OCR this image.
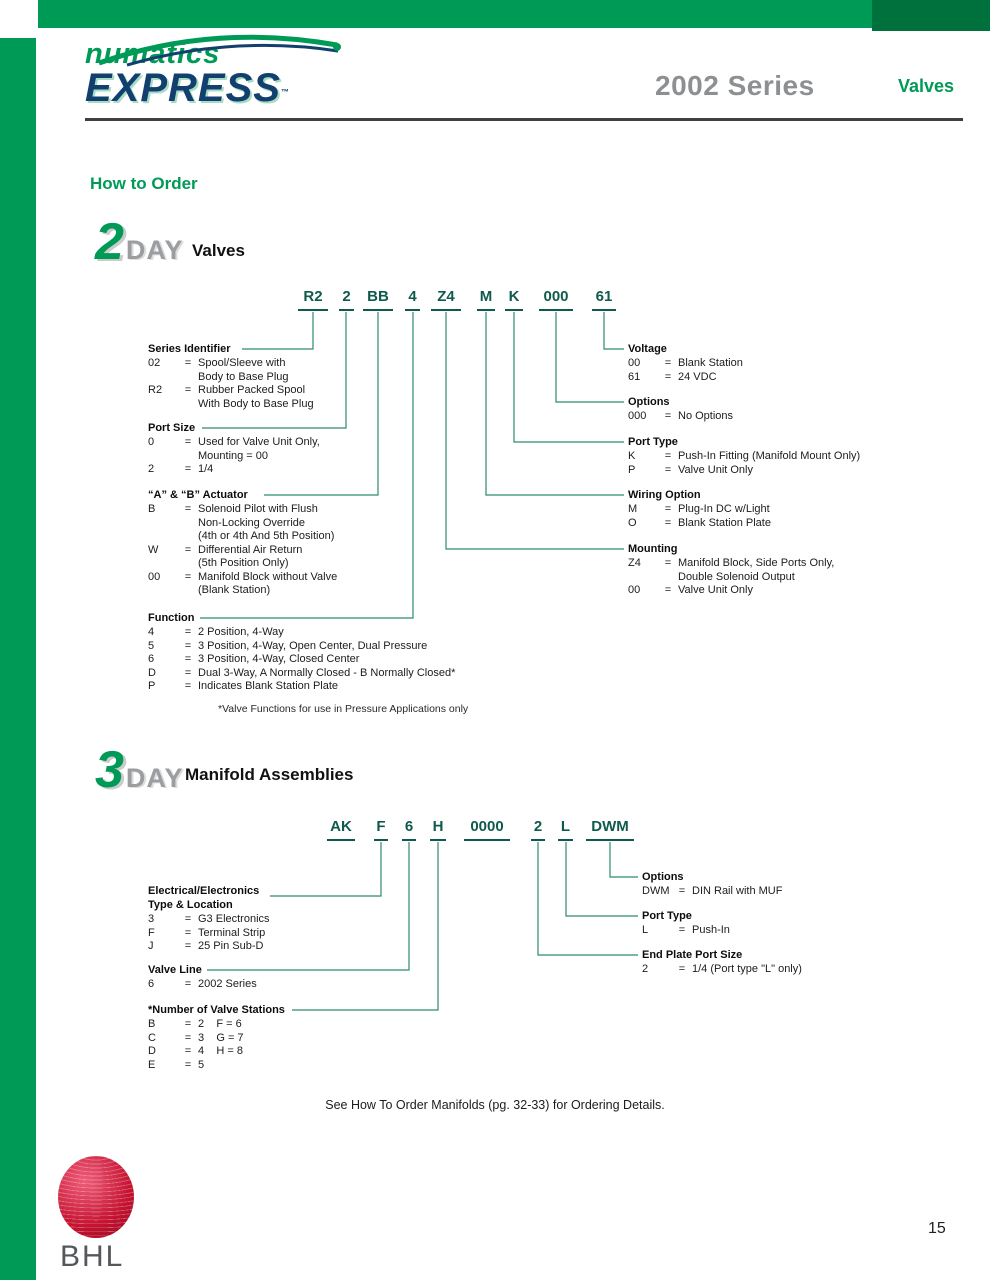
numatics
EXPRESS™	2002 Series	Valves
How to Order
2 DAY Valves
R2	2 BB 4	Z4	M K 000 61
Series Identifier
02	= Spool/Sleeve with
Body to Base Plug
R2	= Rubber Packed Spool
With Body to Base Plug
Port Size
0	= Used for Valve Unit Only,
Mounting = 00
2	= 1/4
“A” & “B” Actuator
B	= Solenoid Pilot with Flush
Non-Locking Override
(4th or 4th And 5th Position)
W	= Differential Air Return
(5th Position Only)
00	= Manifold Block without Valve
(Blank Station)
Function
4	= 2 Position, 4-Way
5	= 3 Position, 4-Way, Open Center, Dual Pressure
6	= 3 Position, 4-Way, Closed Center
D	= Dual 3-Way, A Normally Closed - B Normally Closed*
P	= Indicates Blank Station Plate
Voltage
00	= Blank Station
61	= 24 VDC
Options
000	= No Options
Port Type
K	= Push-In Fitting (Manifold Mount Only)
P	= Valve Unit Only
Wiring Option
M	= Plug-In DC w/Light
O	= Blank Station Plate
Mounting
Z4	= Manifold Block, Side Ports Only,
Double Solenoid Output
00	= Valve Unit Only
*Valve Functions for use in Pressure Applications only
3 DAY Manifold Assemblies
AK F 6 H	0000	2 L	DWM
Electrical/Electronics
Type & Location
3	= G3 Electronics
F	= Terminal Strip
J	= 25 Pin Sub-D
Valve Line
6	= 2002 Series
*Number of Valve Stations
B	= 2    F = 6
C	= 3    G = 7
D	= 4    H = 8
E	= 5
Options
DWM = DIN Rail with MUF
Port Type
L	= Push-In
End Plate Port Size
2	= 1/4 (Port type "L" only)
See How To Order Manifolds (pg. 32-33) for Ordering Details.
BHL
15
